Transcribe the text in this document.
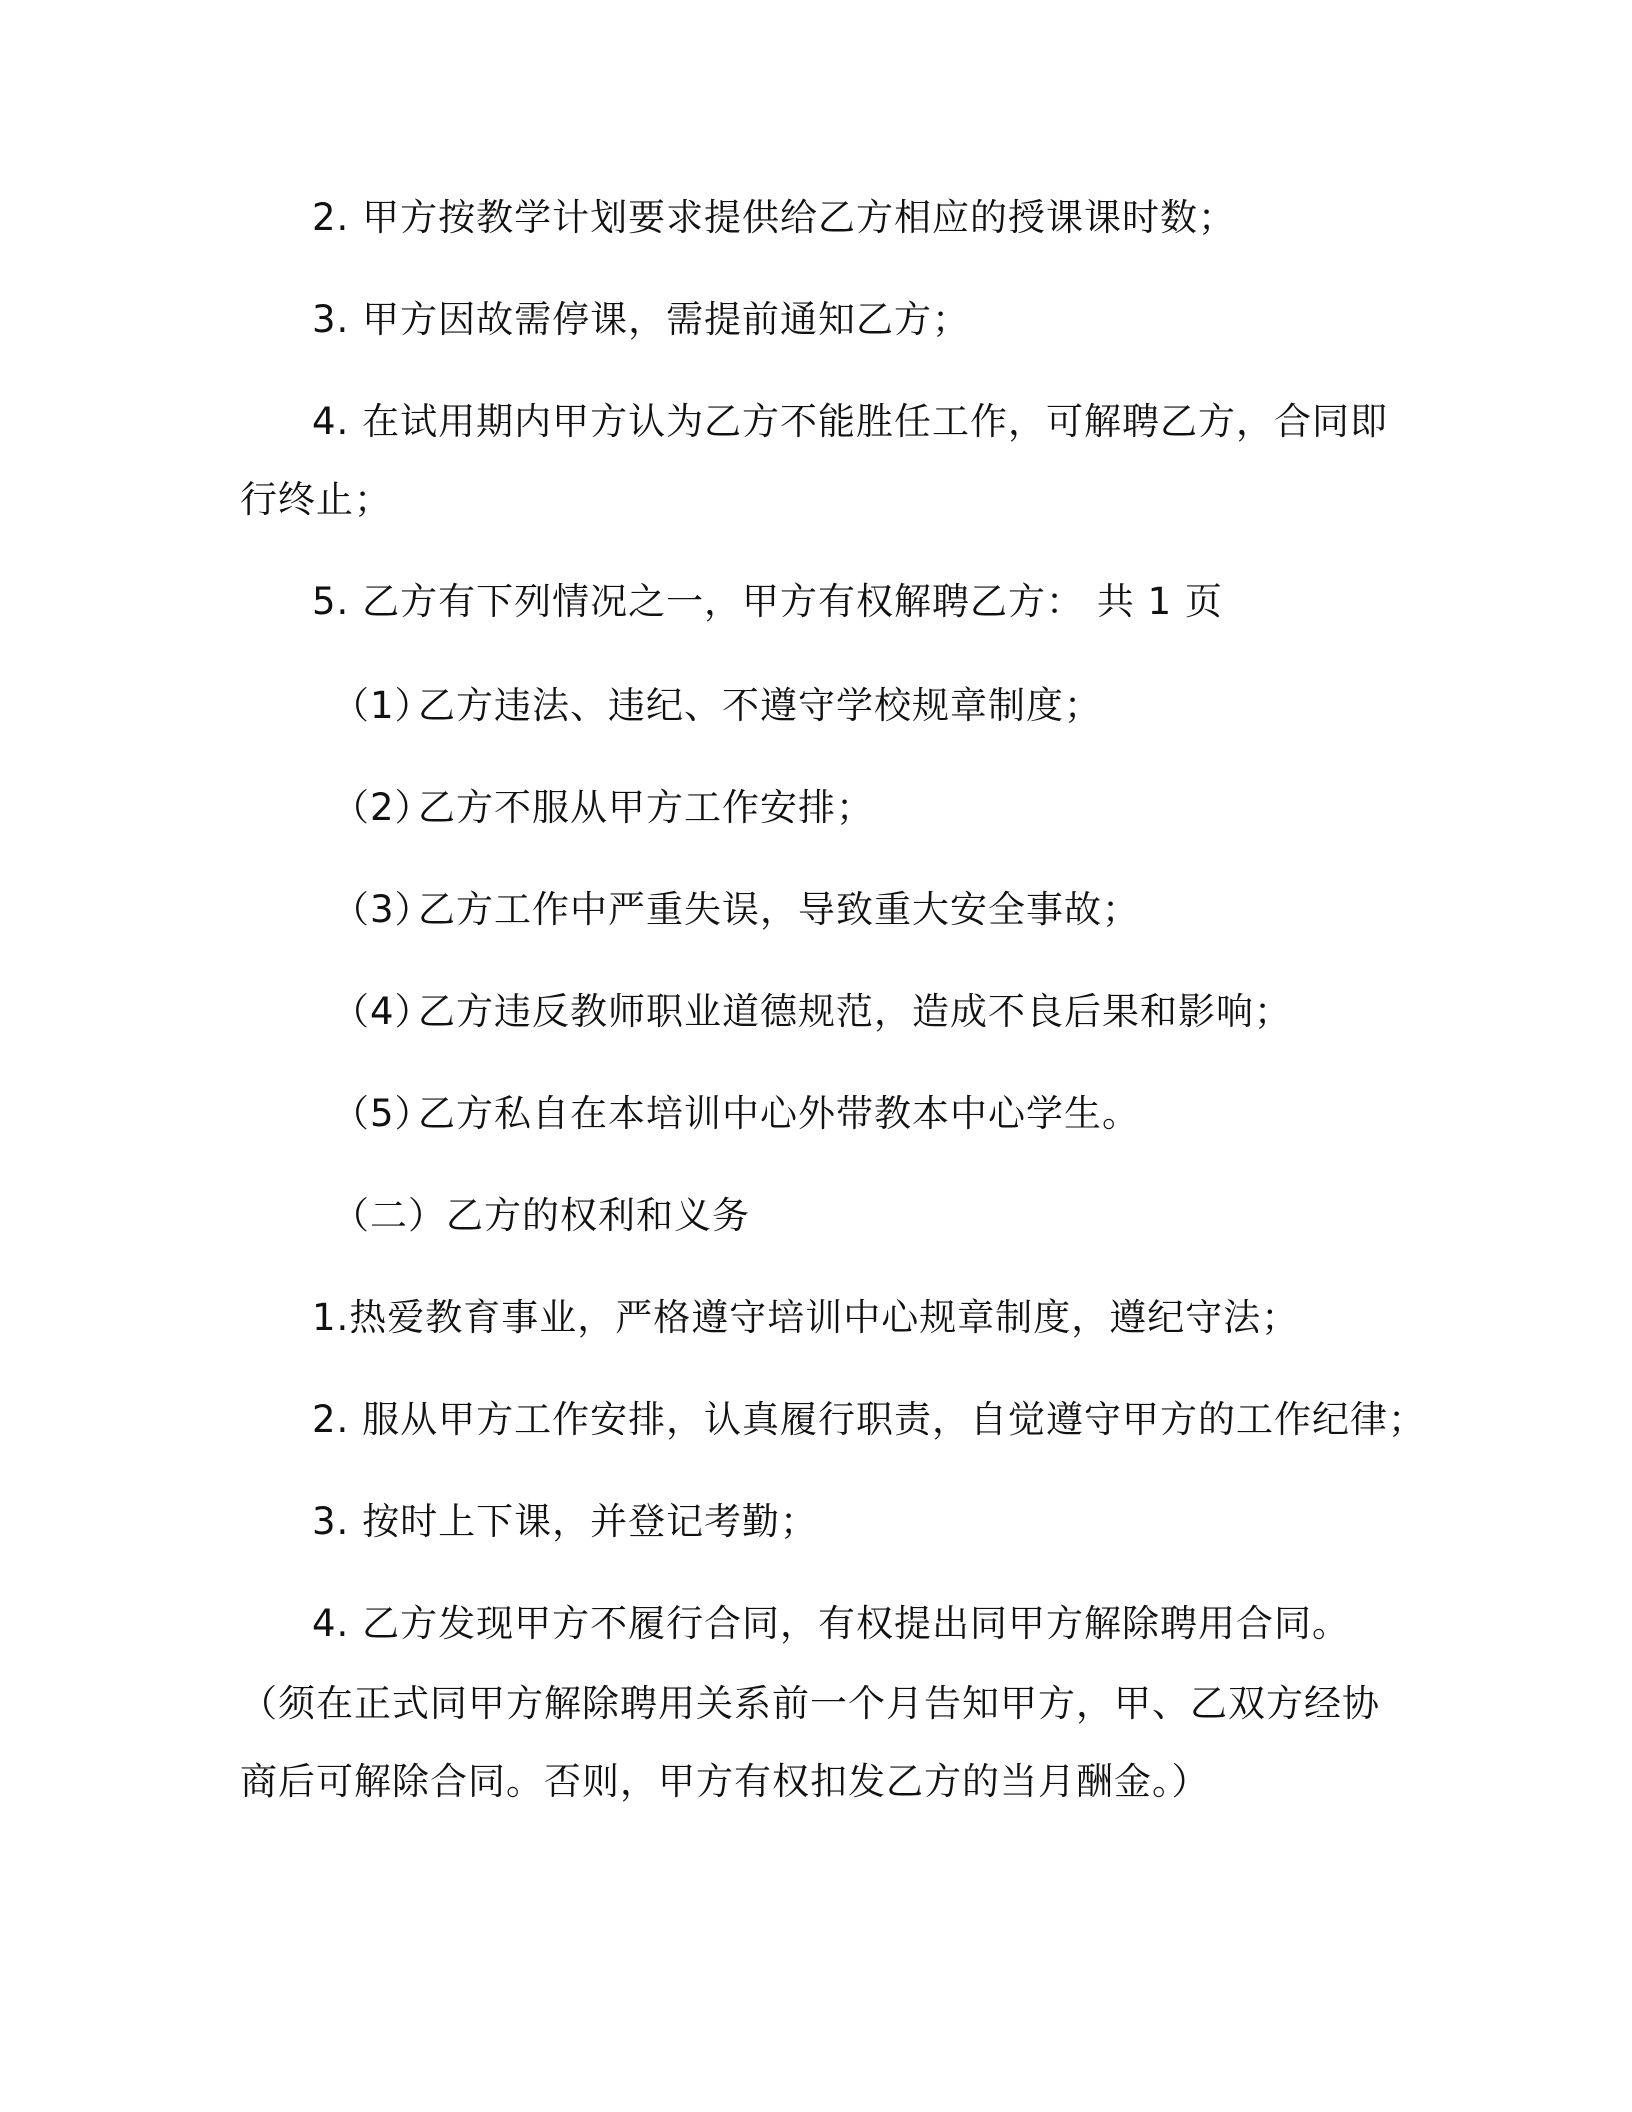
2. 甲方按教学计划要求提供给乙方相应的授课课时数；
3. 甲方因故需停课，需提前通知乙方；
4. 在试用期内甲方认为乙方不能胜任工作，可解聘乙方，合同即
行终止；
5. 乙方有下列情况之一，甲方有权解聘乙方： 共 1 页
（1）乙方违法、违纪、不遵守学校规章制度；
（2）乙方不服从甲方工作安排；
（3）乙方工作中严重失误，导致重大安全事故；
（4）乙方违反教师职业道德规范，造成不良后果和影响；
（5）乙方私自在本培训中心外带教本中心学生。
（二）乙方的权利和义务
1.热爱教育事业，严格遵守培训中心规章制度，遵纪守法；
2. 服从甲方工作安排，认真履行职责，自觉遵守甲方的工作纪律；
3. 按时上下课，并登记考勤；
4. 乙方发现甲方不履行合同，有权提出同甲方解除聘用合同。
（须在正式同甲方解除聘用关系前一个月告知甲方，甲、乙双方经协
商后可解除合同。否则，甲方有权扣发乙方的当月酬金。）
